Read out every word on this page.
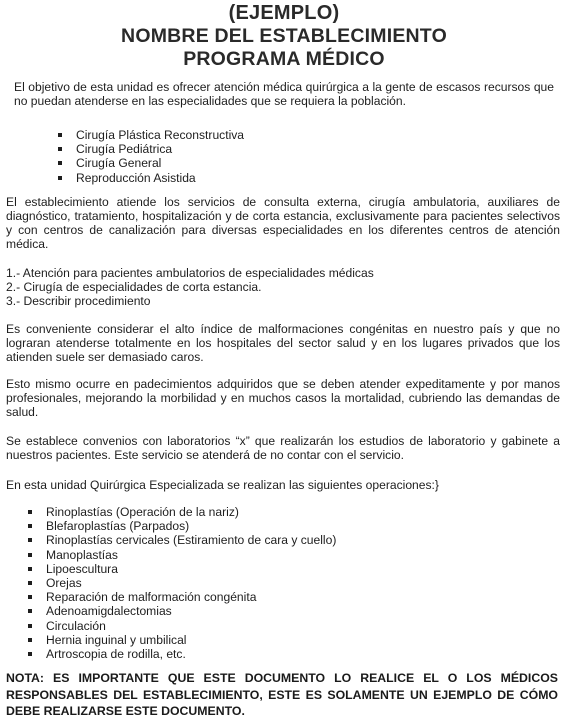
(EJEMPLO)
NOMBRE DEL ESTABLECIMIENTO
PROGRAMA MÉDICO

El objetivo de esta unidad es ofrecer atención médica quirúrgica a la gente de escasos recursos que no puedan atenderse en las especialidades que se requiera la población.

Cirugía Plástica Reconstructiva
Cirugía Pediátrica
Cirugía General
Reproducción Asistida

El establecimiento atiende los servicios de consulta externa, cirugía ambulatoria, auxiliares de diagnóstico, tratamiento, hospitalización y de corta estancia, exclusivamente para pacientes selectivos y con centros de canalización para diversas especialidades en los diferentes centros de atención médica.

1.- Atención para pacientes ambulatorios de especialidades médicas
2.- Cirugía de especialidades de corta estancia.
3.- Describir procedimiento

Es conveniente considerar el alto índice de malformaciones congénitas en nuestro país y que no lograran atenderse totalmente en los hospitales del sector salud y en los lugares privados que los atienden suele ser demasiado caros.

Esto mismo ocurre en padecimientos adquiridos que se deben atender expeditamente y por manos profesionales, mejorando la morbilidad y en muchos casos la mortalidad, cubriendo las demandas de salud.

Se establece convenios con laboratorios “x” que realizarán los estudios de laboratorio y gabinete a nuestros pacientes. Este servicio se atenderá de no contar con el servicio.

En esta unidad Quirúrgica Especializada se realizan las siguientes operaciones:}

Rinoplastías (Operación de la nariz)
Blefaroplastías (Parpados)
Rinoplastías cervicales (Estiramiento de cara y cuello)
Manoplastías
Lipoescultura
Orejas
Reparación de malformación congénita
Adenoamigdalectomias
Circulación
Hernia inguinal y umbilical
Artroscopia de rodilla, etc.
NOTA: ES IMPORTANTE QUE ESTE DOCUMENTO LO REALICE EL O LOS MÉDICOS RESPONSABLES DEL ESTABLECIMIENTO, ESTE ES SOLAMENTE UN EJEMPLO DE CÓMO DEBE REALIZARSE ESTE DOCUMENTO.
